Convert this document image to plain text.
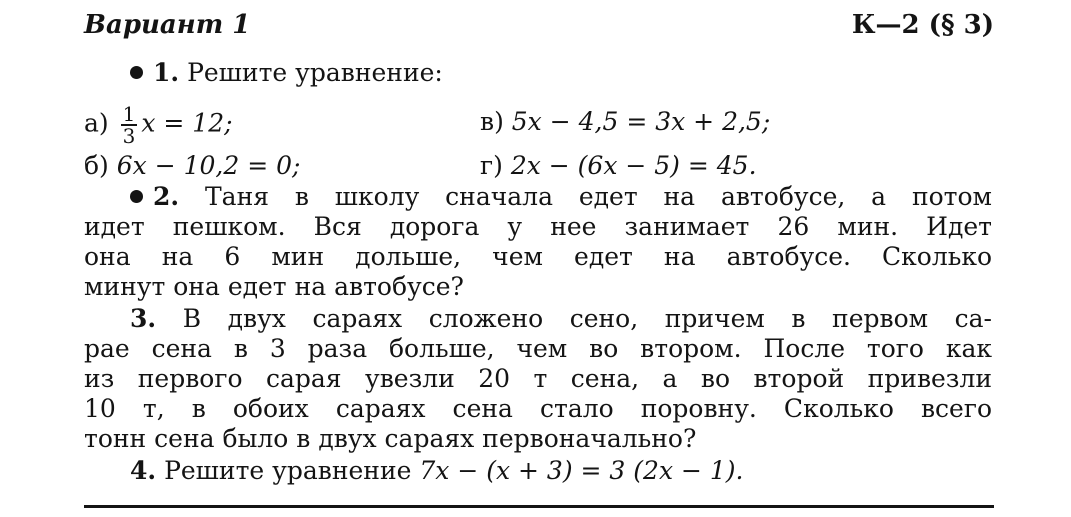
Вариант 1	К—2 (§ 3)
1. Решите уравнение:
$а) \frac{1}{3}$ x = 12;	в) 5x − 4,5 = 3x + 2,5;
б) 6x − 10,2 = 0;	г) 2x − (6x − 5) = 45.
2. Таня в школу сначала едет на автобусе, а потом
идет пешком. Вся дорога у нее занимает 26 мин. Идет
она на 6 мин дольше, чем едет на автобусе. Сколько
минут она едет на автобусе?
3. В двух сараях сложено сено, причем в первом са-
рае сена в 3 раза больше, чем во втором. После того как
из первого сарая увезли 20 т сена, а во второй привезли
10 т, в обоих сараях сена стало поровну. Сколько всего
тонн сена было в двух сараях первоначально?
4. Решите уравнение 7x − (x + 3) = 3 (2x − 1).
